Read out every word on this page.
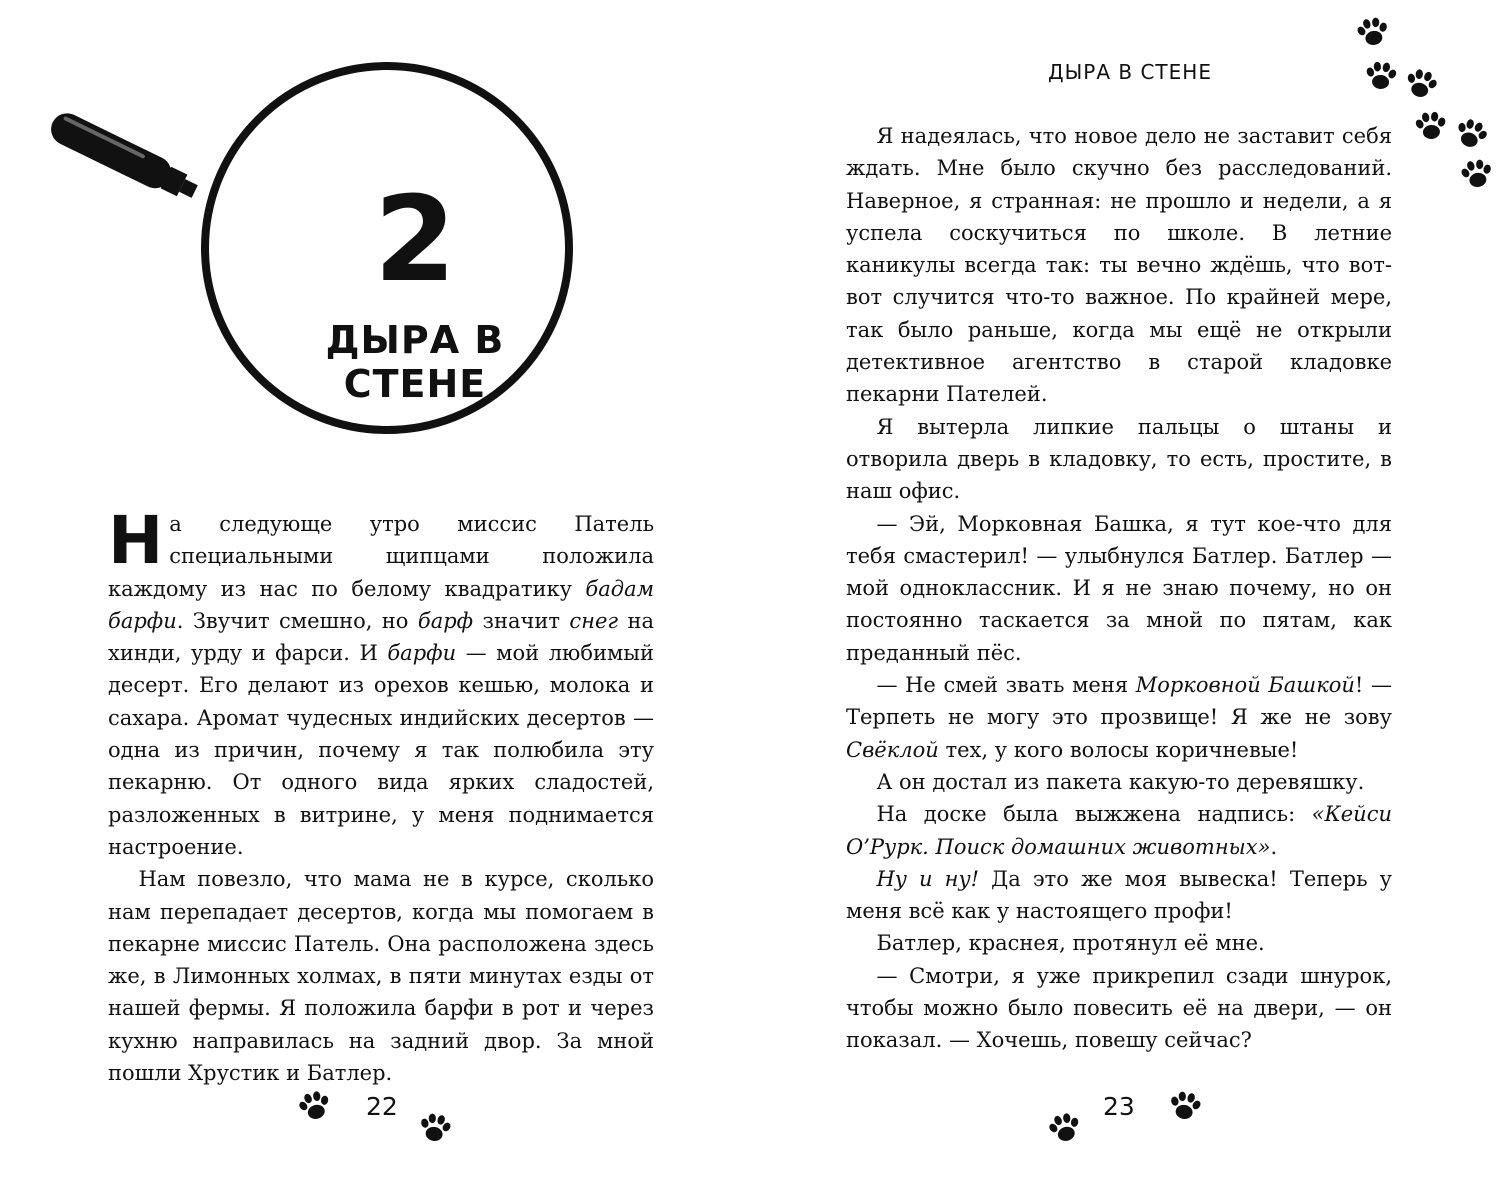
2
ДЫРА В СТЕНЕ
Н а следующе утро миссис Патель специальными щипцами положила каждому из нас по белому квадратику бадам барфи. Звучит смешно, но барф значит снег на хинди, урду и фарси. И барфи — мой любимый десерт. Его делают из орехов кешью, молока и сахара. Аромат чудесных индийских десертов — одна из причин, почему я так полюбила эту пекарню. От одного вида ярких сладостей, разложенных в витрине, у меня поднимается настроение.

Нам повезло, что мама не в курсе, сколько нам перепадает десертов, когда мы помогаем в пекарне миссис Патель. Она расположена здесь же, в Лимонных холмах, в пяти минутах езды от нашей фермы. Я положила барфи в рот и через кухню направилась на задний двор. За мной пошли Хрустик и Батлер.

22
ДЫРА В СТЕНЕ

Я надеялась, что новое дело не заставит себя ждать. Мне было скучно без расследований. Наверное, я странная: не прошло и недели, а я успела соскучиться по школе. В летние каникулы всегда так: ты вечно ждёшь, что вот-вот случится что-то важное. По крайней мере, так было раньше, когда мы ещё не открыли детективное агентство в старой кладовке пекарни Пателей.

Я вытерла липкие пальцы о штаны и отворила дверь в кладовку, то есть, простите, в наш офис.

— Эй, Морковная Башка, я тут кое-что для тебя смастерил! — улыбнулся Батлер. Батлер — мой одноклассник. И я не знаю почему, но он постоянно таскается за мной по пятам, как преданный пёс.

— Не смей звать меня Морковной Башкой! — Терпеть не могу это прозвище! Я же не зову Свёклой тех, у кого волосы коричневые!

А он достал из пакета какую-то деревяшку.

На доске была выжжена надпись: «Кейси О’Рурк. Поиск домашних животных».

Ну и ну! Да это же моя вывеска! Теперь у меня всё как у настоящего профи!

Батлер, краснея, протянул её мне.

— Смотри, я уже прикрепил сзади шнурок, чтобы можно было повесить её на двери, — он показал. — Хочешь, повешу сейчас?

23
